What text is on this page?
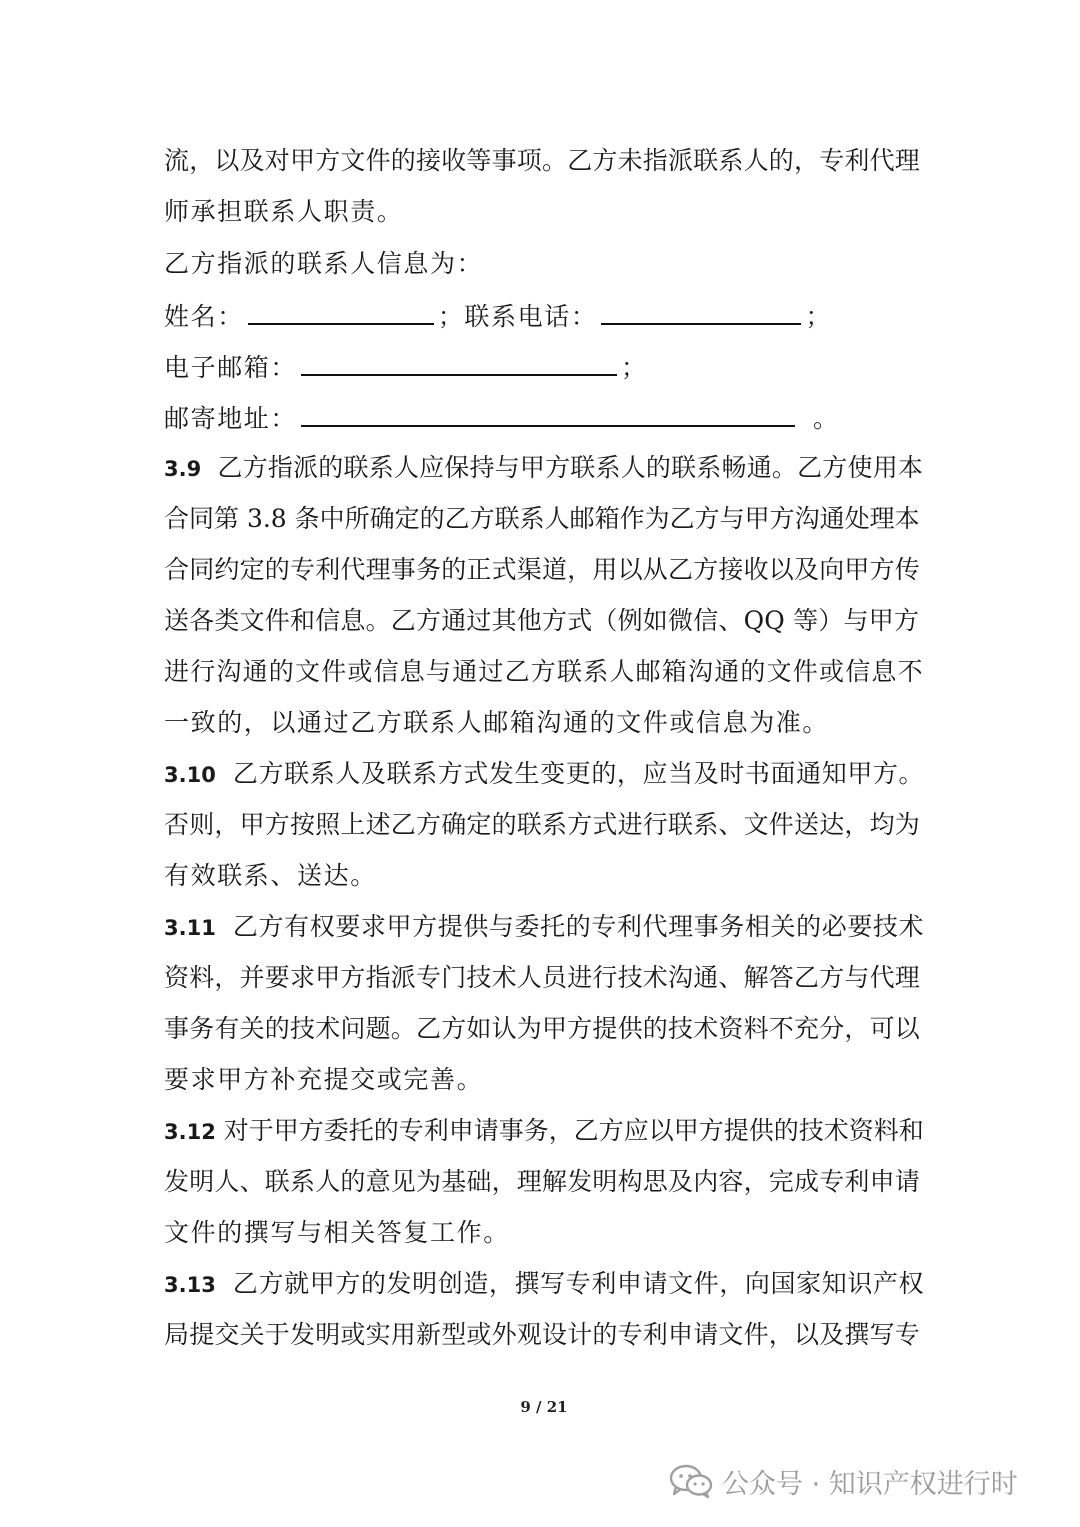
流，以及对甲方文件的接收等事项。乙方未指派联系人的，专利代理
师承担联系人职责。
乙方指派的联系人信息为：
姓名：	；联系电话：	；
电子邮箱：	；
邮寄地址：	。
3.9 乙方指派的联系人应保持与甲方联系人的联系畅通。乙方使用本
合同第 3.8 条中所确定的乙方联系人邮箱作为乙方与甲方沟通处理本
合同约定的专利代理事务的正式渠道，用以从乙方接收以及向甲方传
送各类文件和信息。乙方通过其他方式（例如微信、QQ 等）与甲方
进行沟通的文件或信息与通过乙方联系人邮箱沟通的文件或信息不
一致的，以通过乙方联系人邮箱沟通的文件或信息为准。
3.10 乙方联系人及联系方式发生变更的，应当及时书面通知甲方。
否则，甲方按照上述乙方确定的联系方式进行联系、文件送达，均为
有效联系、送达。
3.11 乙方有权要求甲方提供与委托的专利代理事务相关的必要技术
资料，并要求甲方指派专门技术人员进行技术沟通、解答乙方与代理
事务有关的技术问题。乙方如认为甲方提供的技术资料不充分，可以
要求甲方补充提交或完善。
3.12 对于甲方委托的专利申请事务，乙方应以甲方提供的技术资料和
发明人、联系人的意见为基础，理解发明构思及内容，完成专利申请
文件的撰写与相关答复工作。
3.13 乙方就甲方的发明创造，撰写专利申请文件，向国家知识产权
局提交关于发明或实用新型或外观设计的专利申请文件，以及撰写专
9 / 21
公众号 · 知识产权进行时
